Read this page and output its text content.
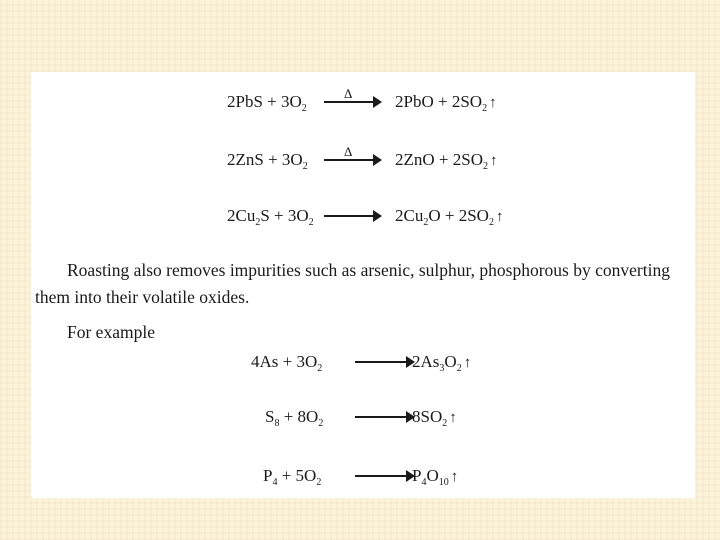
$2PbS + 3O_2$
Δ	$2PbO + 2SO_2$ ↑
$2ZnS + 3O_2$
Δ	$2ZnO + 2SO_2$ ↑
$2Cu_2S + 3O_2 \to 2Cu_2O + 2SO_2$ ↑

Roasting also removes impurities such as arsenic, sulphur, phosphorous by converting them into their volatile oxides.

For example
$4As + 3O_2 \to 2As_3O_2$ ↑
$S_8 + 8O_2 \to 8SO_2$ ↑
$P_4 + 5O_2 \to P_4O_{10}$ ↑
